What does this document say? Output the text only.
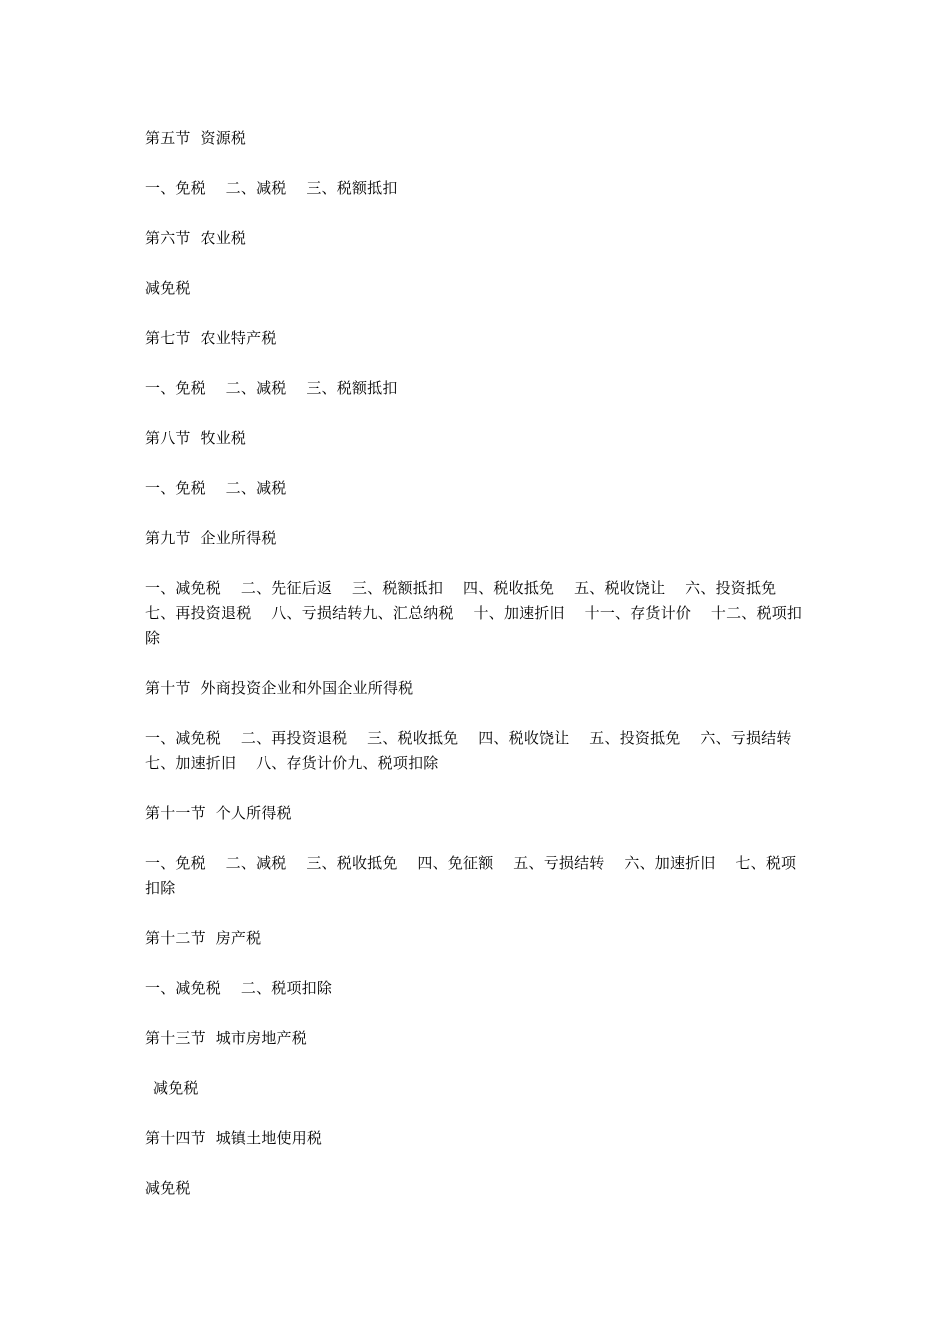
第五节  资源税

一、免税    二、减税    三、税额抵扣

第六节  农业税

减免税

第七节  农业特产税

一、免税    二、减税    三、税额抵扣

第八节  牧业税

一、免税    二、减税

第九节  企业所得税

一、减免税    二、先征后返    三、税额抵扣    四、税收抵免    五、税收饶让    六、投资抵免    七、再投资退税    八、亏损结转九、汇总纳税    十、加速折旧    十一、存货计价    十二、税项扣除

第十节  外商投资企业和外国企业所得税

一、减免税    二、再投资退税    三、税收抵免    四、税收饶让    五、投资抵免    六、亏损结转    七、加速折旧    八、存货计价九、税项扣除

第十一节  个人所得税

一、免税    二、减税    三、税收抵免    四、免征额    五、亏损结转    六、加速折旧    七、税项扣除

第十二节  房产税

一、减免税    二、税项扣除

第十三节  城市房地产税

减免税

第十四节  城镇土地使用税

减免税
